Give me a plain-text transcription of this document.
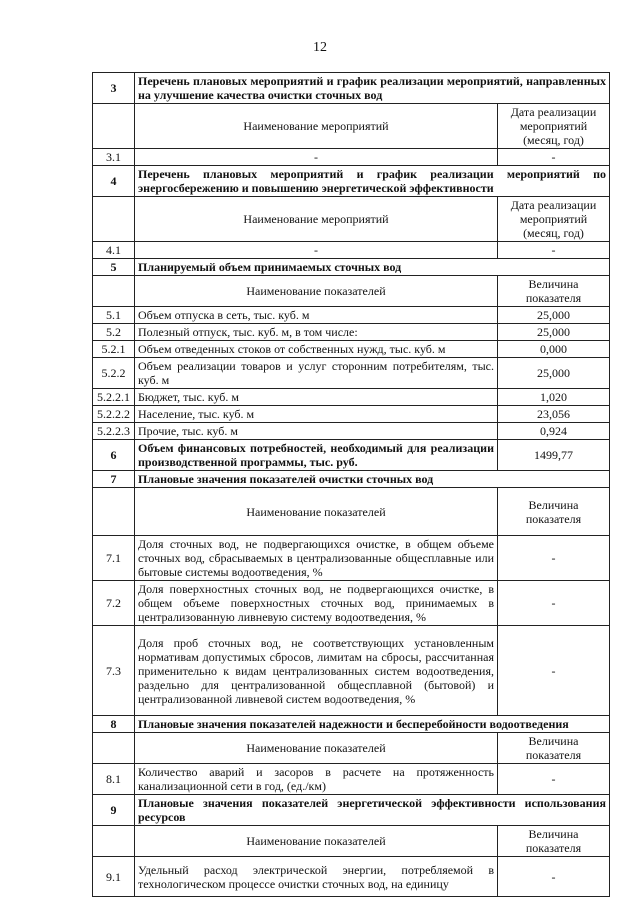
12
3	Перечень плановых мероприятий и график реализации мероприятий, направленных на улучшение качества очистки сточных вод	
	Наименование мероприятий	Дата реализации мероприятий (месяц, год)
3.1	-	-
4	Перечень плановых мероприятий и график реализации мероприятий по энергосбережению и повышению энергетической эффективности	
	Наименование мероприятий	Дата реализации мероприятий (месяц, год)
4.1	-	-
5	Планируемый объем принимаемых сточных вод	
	Наименование показателей	Величина показателя
5.1	Объем отпуска в сеть, тыс. куб. м	25,000
5.2	Полезный отпуск, тыс. куб. м, в том числе:	25,000
5.2.1	Объем отведенных стоков от собственных нужд, тыс. куб. м	0,000
5.2.2	Объем реализации товаров и услуг сторонним потребителям, тыс. куб. м	25,000
5.2.2.1	Бюджет, тыс. куб. м	1,020
5.2.2.2	Население, тыс. куб. м	23,056
5.2.2.3	Прочие, тыс. куб. м	0,924
6	Объем финансовых потребностей, необходимый для реализации производственной программы, тыс. руб.	1499,77
7	Плановые значения показателей очистки сточных вод	
	Наименование показателей	Величина показателя
7.1	Доля сточных вод, не подвергающихся очистке, в общем объеме сточных вод, сбрасываемых в централизованные общесплавные или бытовые системы водоотведения, %	-
7.2	Доля поверхностных сточных вод, не подвергающихся очистке, в общем объеме поверхностных сточных вод, принимаемых в централизованную ливневую систему водоотведения, %	-
7.3	Доля проб сточных вод, не соответствующих установленным нормативам допустимых сбросов, лимитам на сбросы, рассчитанная применительно к видам централизованных систем водоотведения, раздельно для централизованной общесплавной (бытовой) и централизованной ливневой систем водоотведения, %	-
8	Плановые значения показателей надежности и бесперебойности водоотведения	
	Наименование показателей	Величина показателя
8.1	Количество аварий и засоров в расчете на протяженность канализационной сети в год, (ед./км)	-
9	Плановые значения показателей энергетической эффективности использования ресурсов	
	Наименование показателей	Величина показателя
9.1	Удельный расход электрической энергии, потребляемой в технологическом процессе очистки сточных вод, на единицу	-
